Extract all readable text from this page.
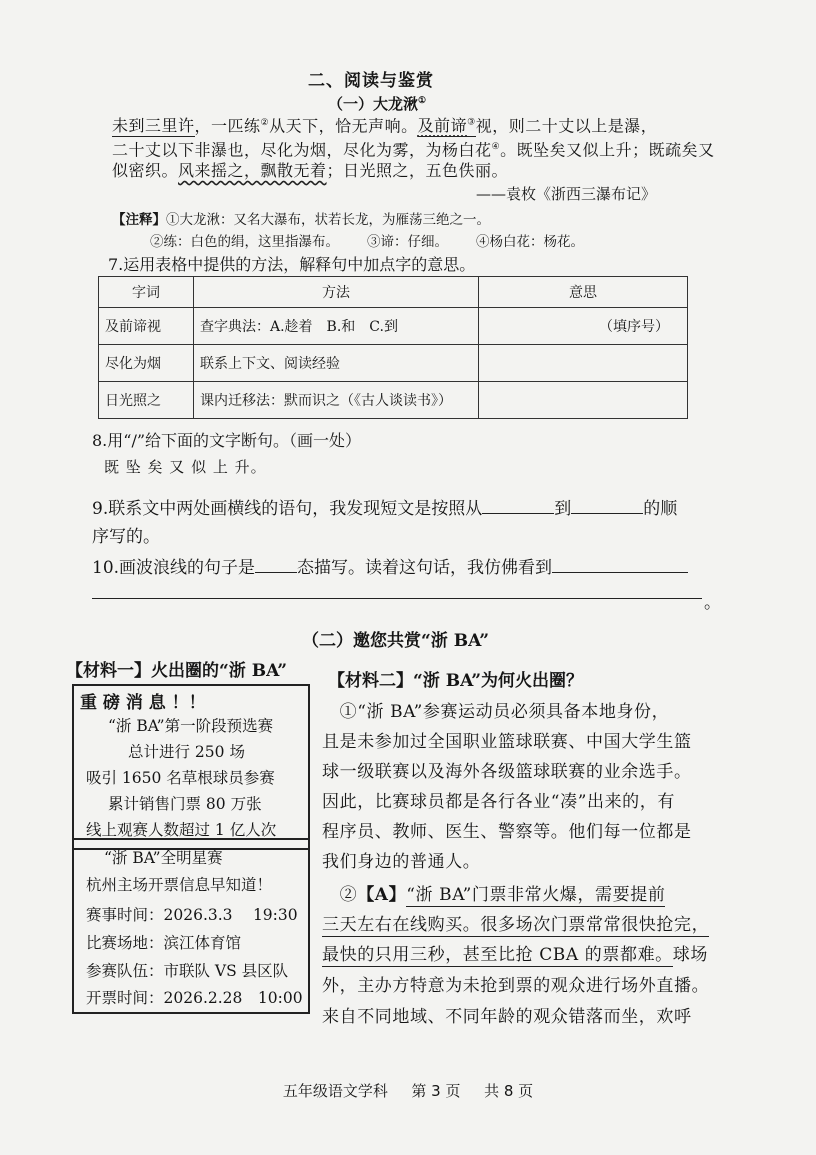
二、阅读与鉴赏
（一）大龙湫①
未到三里许，一匹练②从天下，恰无声响。及前谛③视，则二十丈以上是瀑，
二十丈以下非瀑也，尽化为烟，尽化为雾，为杨白花④。既坠矣又似上升；既疏矣又
似密织。风来摇之，飘散无着；日光照之，五色佚丽。
——袁枚《浙西三瀑布记》
【注释】①大龙湫：又名大瀑布，状若长龙，为雁荡三绝之一。
②练：白色的绢，这里指瀑布。 ③谛：仔细。 ④杨白花：杨花。
7.运用表格中提供的方法，解释句中加点字的意思。
字词	方法	意思
及前谛视	查字典法：A.趁着　B.和　C.到	（填序号）
尽化为烟	联系上下文、阅读经验	
日光照之	课内迁移法：默而识之（《古人谈读书》）	
8.用“/”给下面的文字断句。（画一处）
既 坠 矣 又 似 上 升。
9.联系文中两处画横线的语句，我发现短文是按照从	到	的顺
序写的。
10.画波浪线的句子是 态描写。读着这句话，我仿佛看到
。
（二）邀您共赏“浙 BA”
【材料一】火出圈的“浙 BA”
重 磅 消 息 ！！
“浙 BA”第一阶段预选赛
总计进行 250 场
吸引 1650 名草根球员参赛
累计销售门票 80 万张
线上观赛人数超过 1 亿人次
“浙 BA”全明星赛
杭州主场开票信息早知道！
赛事时间：2026.3.3　 19:30
比赛场地：滨江体育馆
参赛队伍：市联队 VS 县区队
开票时间：2026.2.28　10:00
【材料二】“浙 BA”为何火出圈？
　①“浙 BA”参赛运动员必须具备本地身份，
且是未参加过全国职业篮球联赛、中国大学生篮
球一级联赛以及海外各级篮球联赛的业余选手。
因此，比赛球员都是各行各业“凑”出来的，有
程序员、教师、医生、警察等。他们每一位都是
我们身边的普通人。
　②【A】“浙 BA”门票非常火爆，需要提前
三天左右在线购买。很多场次门票常常很快抢完，
最快的只用三秒，甚至比抢 CBA 的票都难。球场
外，主办方特意为未抢到票的观众进行场外直播。
来自不同地域、不同年龄的观众错落而坐，欢呼
五年级语文学科 第 3 页 共 8 页
